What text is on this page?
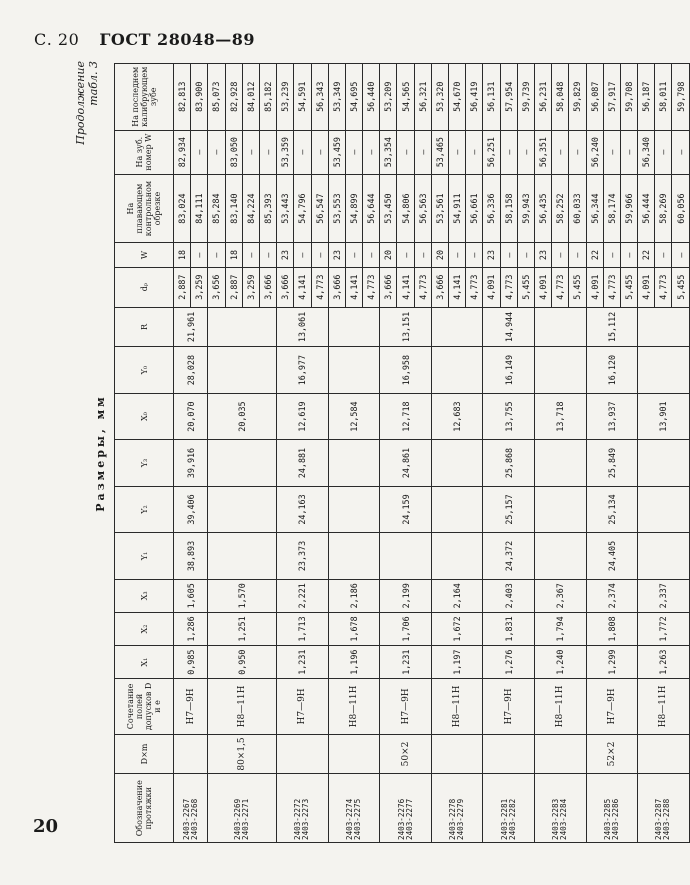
С. 20 ГОСТ 28048—89
Продолжение табл. 3
Размеры, мм
Обозначение протяжки	D×m	Сочетание полей допусков D и е	X₁	X₂	X₃	Y₁	Y₂	Y₃	X₀	Y₀	R	dₚ	W	На плавающем контрольном обрезке	На зуб. номер W	На последнем калибрующем зубе
2403-2267 2403-2268		Н7—9Н	0,985	1,286	1,605	38,893	39,406	39,916	20,070	28,028	21,961	2,887	18	83,024	82,934	82,813
												3,259	—	84,111	—	83,900
2403-2269 2403-2271	80×1,5	Н8—11Н	0,950	1,251	1,570				20,035			3,656	—	85,284	—	85,073
												2,887	18	83,140	83,050	82,928
												3,259	—	84,224	—	84,012
												3,666	—	85,393	—	85,182
2403-2272 2403-2273		Н7—9Н	1,231	1,713	2,221	23,373	24,163	24,881	12,619	16,977	13,061	3,666	23	53,443	53,359	53,239
												4,141	—	54,796	—	54,591
												4,773	—	56,547	—	56,343
2403-2274 2403-2275		Н8—11Н	1,196	1,678	2,186				12,584			3,666	23	53,553	53,459	53,349
												4,141	—	54,899	—	54,695
												4,773	—	56,644	—	56,440
2403-2276 2403-2277	50×2	Н7—9Н	1,231	1,706	2,199		24,159	24,861	12,718	16,958	13,151	3,666	20	53,450	53,354	53,209
												4,141	—	54,806	—	54,565
												4,773	—	56,563	—	56,321
2403-2278 2403-2279		Н8—11Н	1,197	1,672	2,164				12,683			3,666	20	53,561	53,465	53,320
												4,141	—	54,911	—	54,670
												4,773	—	56,661	—	56,419
2403-2281 2403-2282		Н7—9Н	1,276	1,831	2,403	24,372	25,157	25,868	13,755	16,149	14,944	4,091	23	56,336	56,251	56,131
												4,773	—	58,158	—	57,954
												5,455	—	59,943	—	59,739
2403-2283 2403-2284		Н8—11Н	1,240	1,794	2,367				13,718			4,091	23	56,435	56,351	56,231
												4,773	—	58,252	—	58,048
												5,455	—	60,033	—	59,829
2403-2285 2403-2286	52×2	Н7—9Н	1,299	1,808	2,374	24,405	25,134	25,849	13,937	16,120	15,112	4,091	22	56,344	56,240	56,087
												4,773	—	58,174	—	57,917
												5,455	—	59,966	—	59,708
2403-2287 2403-2288		Н8—11Н	1,263	1,772	2,337				13,901			4,091	22	56,444	56,340	56,187
												4,773	—	58,269	—	58,011
												5,455	—	60,056	—	59,798
20
